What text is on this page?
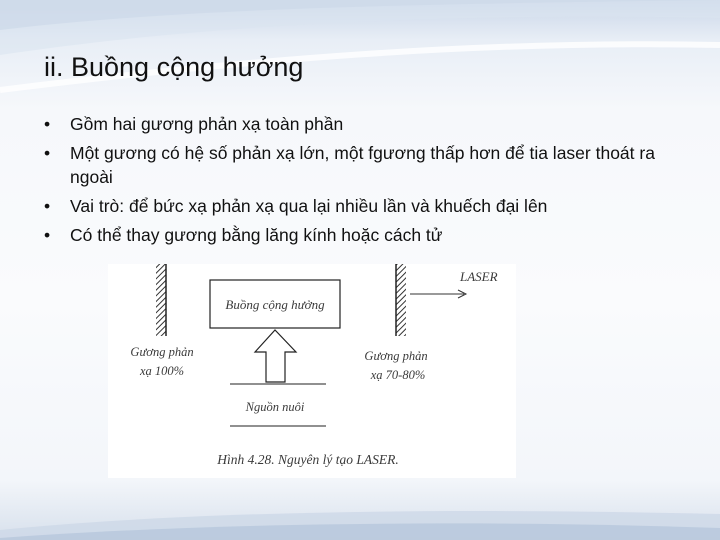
ii. Buồng cộng hưởng
• Gồm hai gương phản xạ toàn phần
• Một gương có hệ số phản xạ lớn, một fgương thấp hơn để tia laser thoát ra ngoài
• Vai trò: để bức xạ phản xạ qua lại nhiều lần và khuếch đại lên
• Có thể thay gương bằng lăng kính hoặc cách tử
Buồng cộng hưởng
LASER
Gương phản
xạ 100%
Gương phản
xạ 70-80%
Nguồn nuôi
Hình 4.28. Nguyên lý tạo LASER.
